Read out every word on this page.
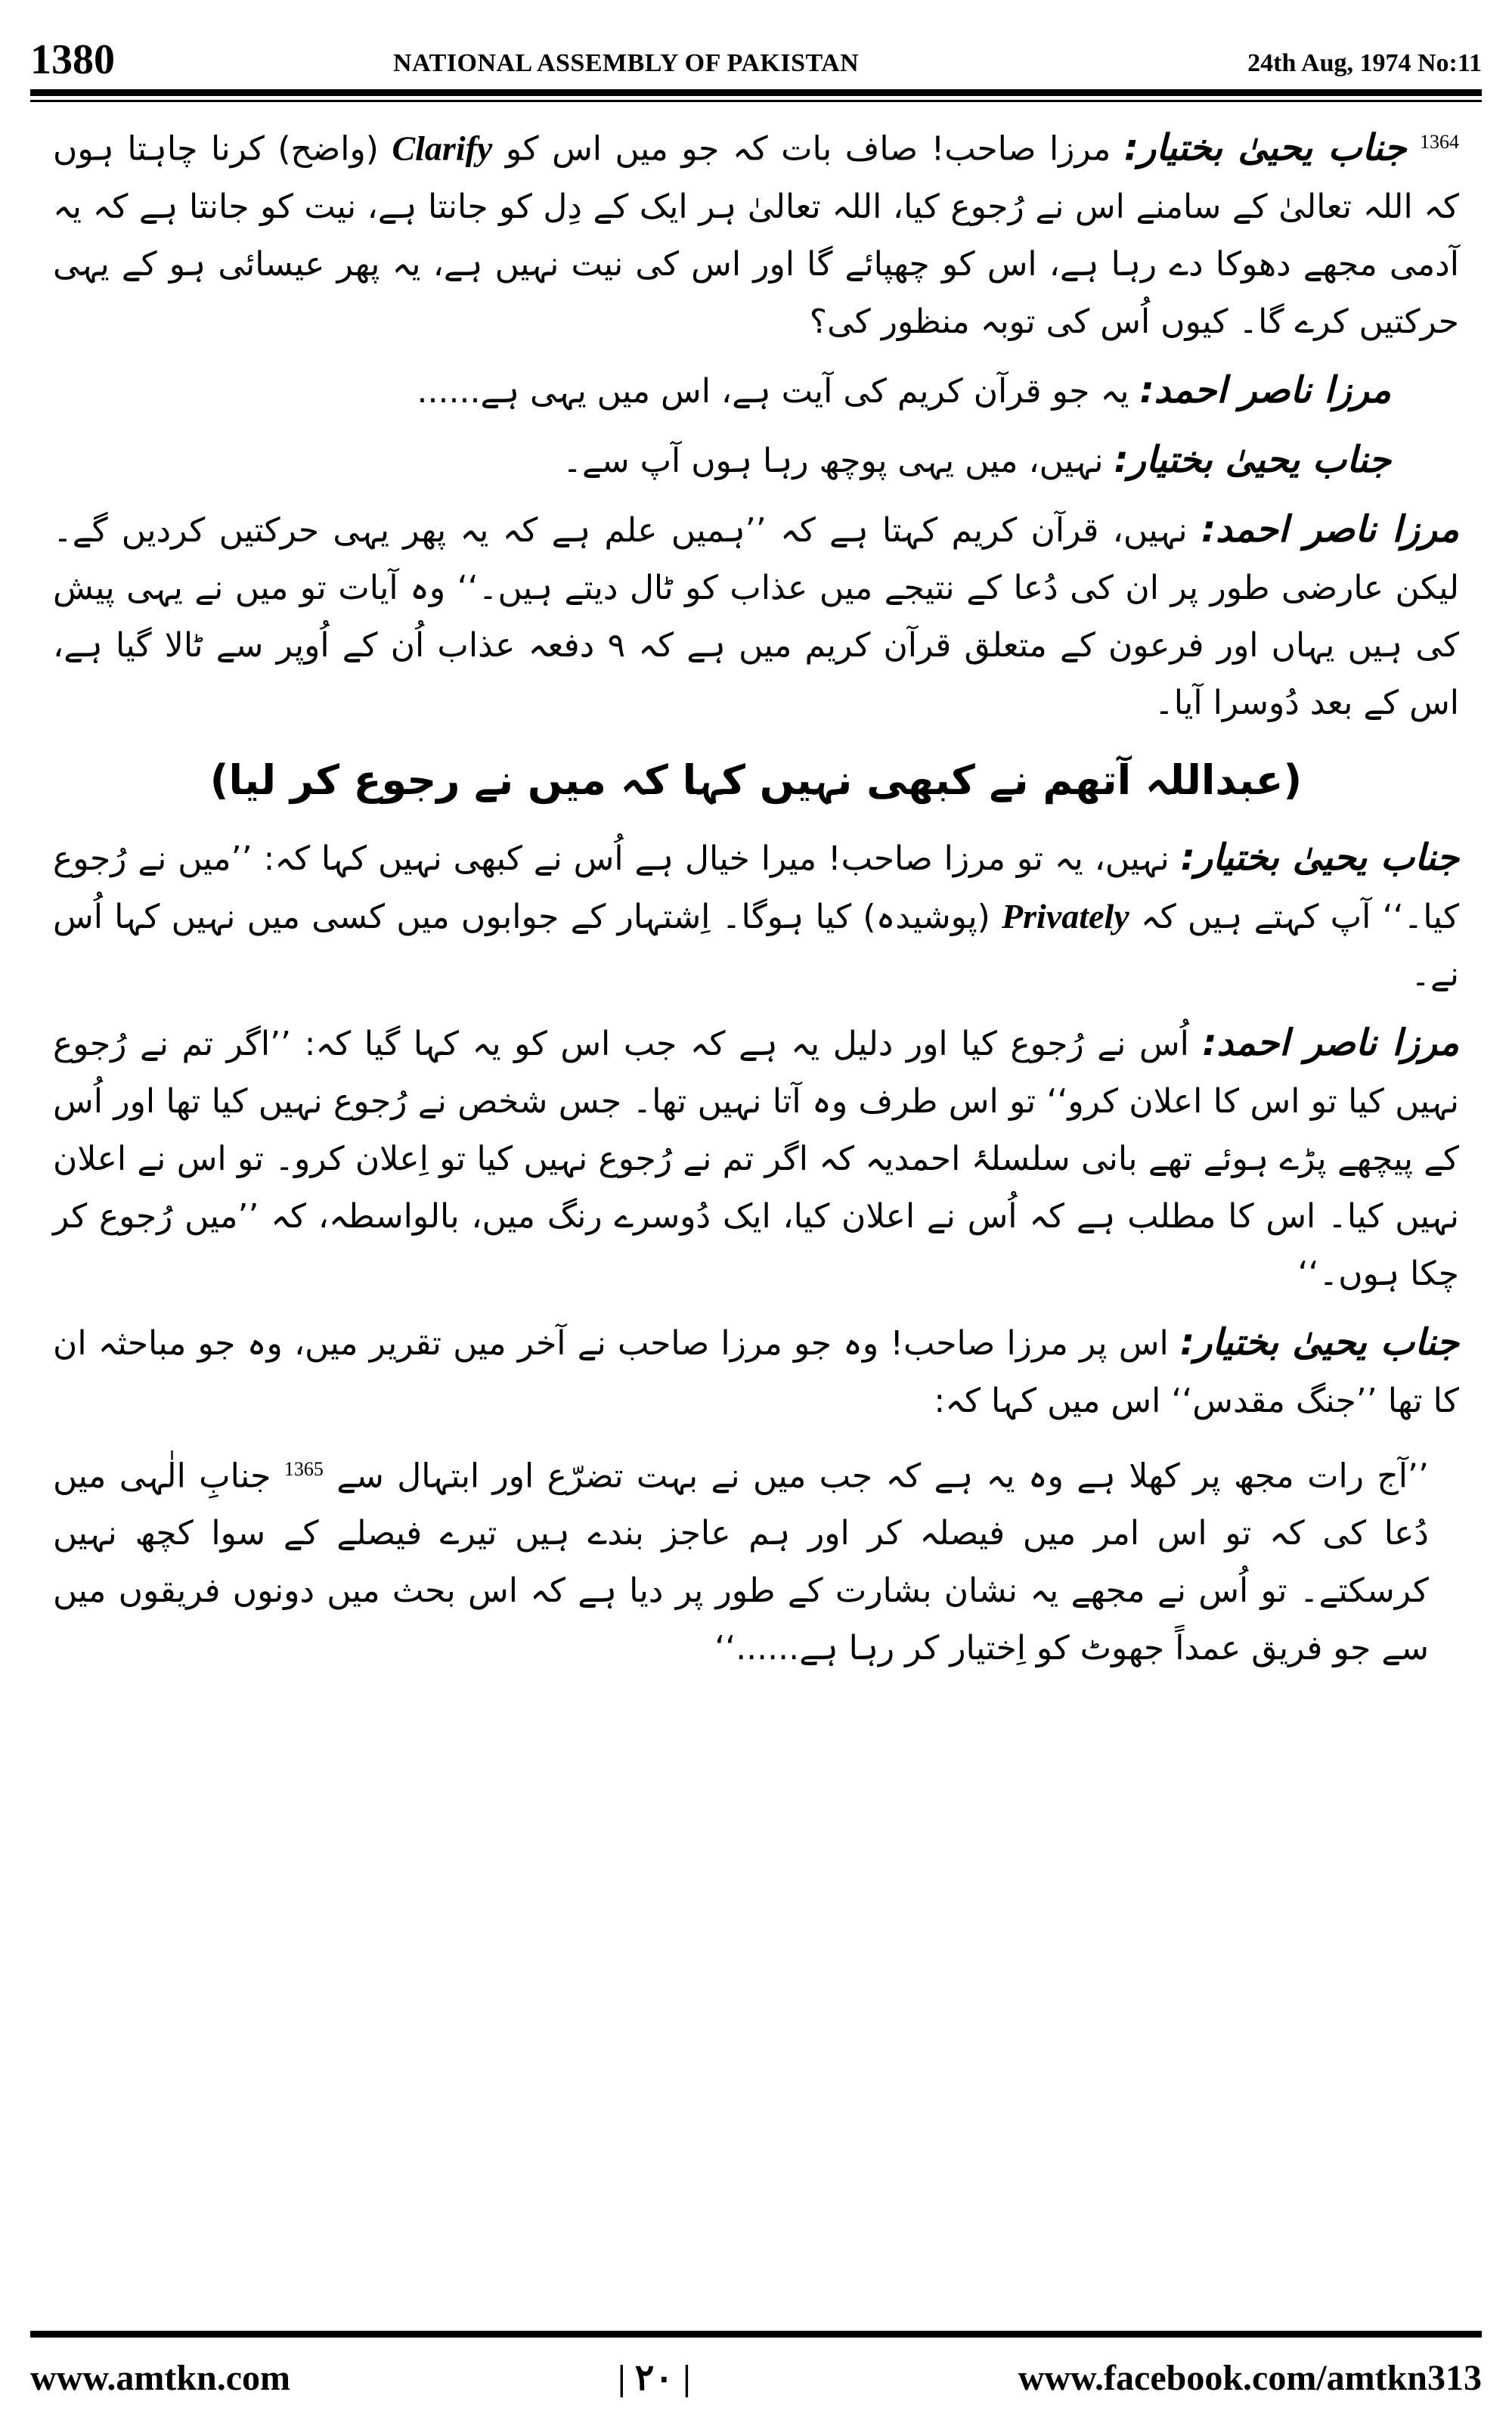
1380	NATIONAL ASSEMBLY OF PAKISTAN	24th Aug, 1974 No:11

$^{1364}$ جناب یحییٰ بختیار: مرزا صاحب! صاف بات کہ جو میں اس کو Clarify (واضح) کرنا چاہتا ہوں کہ اللہ تعالیٰ کے سامنے اس نے رُجوع کیا، اللہ تعالیٰ ہر ایک کے دِل کو جانتا ہے، نیت کو جانتا ہے کہ یہ آدمی مجھے دھوکا دے رہا ہے، اس کو چھپائے گا اور اس کی نیت نہیں ہے، یہ پھر عیسائی ہو کے یہی حرکتیں کرے گا۔ کیوں اُس کی توبہ منظور کی؟

مرزا ناصر احمد: یہ جو قرآن کریم کی آیت ہے، اس میں یہی ہے......

جناب یحییٰ بختیار: نہیں، میں یہی پوچھ رہا ہوں آپ سے۔

مرزا ناصر احمد: نہیں، قرآن کریم کہتا ہے کہ ’’ہمیں علم ہے کہ یہ پھر یہی حرکتیں کردیں گے۔ لیکن عارضی طور پر ان کی دُعا کے نتیجے میں عذاب کو ٹال دیتے ہیں۔‘‘ وہ آیات تو میں نے یہی پیش کی ہیں یہاں اور فرعون کے متعلق قرآن کریم میں ہے کہ ۹ دفعہ عذاب اُن کے اُوپر سے ٹالا گیا ہے، اس کے بعد دُوسرا آیا۔

(عبداللہ آتھم نے کبھی نہیں کہا کہ میں نے رجوع کر لیا)

جناب یحییٰ بختیار: نہیں، یہ تو مرزا صاحب! میرا خیال ہے اُس نے کبھی نہیں کہا کہ: ’’میں نے رُجوع کیا۔‘‘ آپ کہتے ہیں کہ Privately (پوشیدہ) کیا ہوگا۔ اِشتہار کے جوابوں میں کسی میں نہیں کہا اُس نے۔

مرزا ناصر احمد: اُس نے رُجوع کیا اور دلیل یہ ہے کہ جب اس کو یہ کہا گیا کہ: ’’اگر تم نے رُجوع نہیں کیا تو اس کا اعلان کرو‘‘ تو اس طرف وہ آتا نہیں تھا۔ جس شخص نے رُجوع نہیں کیا تھا اور اُس کے پیچھے پڑے ہوئے تھے بانی سلسلۂ احمدیہ کہ اگر تم نے رُجوع نہیں کیا تو اِعلان کرو۔ تو اس نے اعلان نہیں کیا۔ اس کا مطلب ہے کہ اُس نے اعلان کیا، ایک دُوسرے رنگ میں، بالواسطہ، کہ ’’میں رُجوع کر چکا ہوں۔‘‘

جناب یحییٰ بختیار: اس پر مرزا صاحب! وہ جو مرزا صاحب نے آخر میں تقریر میں، وہ جو مباحثہ ان کا تھا ’’جنگ مقدس‘‘ اس میں کہا کہ:

’’آج رات مجھ پر کھلا ہے وہ یہ ہے کہ جب میں نے بہت تضرّع اور ابتہال سے $^{1365}$ جنابِ الٰہی میں دُعا کی کہ تو اس امر میں فیصلہ کر اور ہم عاجز بندے ہیں تیرے فیصلے کے سوا کچھ نہیں کرسکتے۔ تو اُس نے مجھے یہ نشان بشارت کے طور پر دیا ہے کہ اس بحث میں دونوں فریقوں میں سے جو فریق عمداً جھوٹ کو اِختیار کر رہا ہے......‘‘

www.amtkn.com	| ۲۰ |	www.facebook.com/amtkn313
